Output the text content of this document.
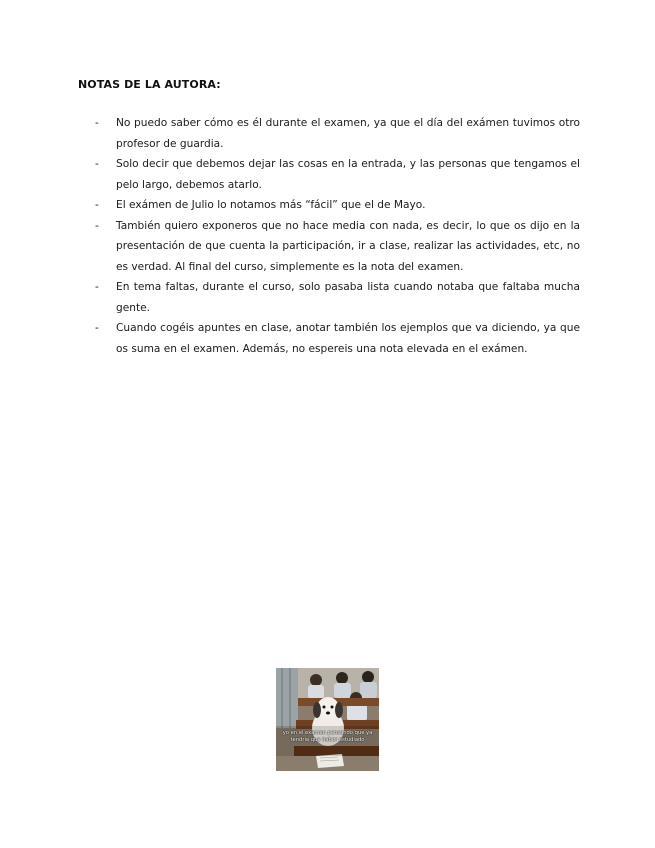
NOTAS DE LA AUTORA:
- No puedo saber cómo es él durante el examen, ya que el día del exámen tuvimos otro profesor de guardia.
- Solo decir que debemos dejar las cosas en la entrada, y las personas que tengamos el pelo largo, debemos atarlo.
- El exámen de Julio lo notamos más “fácil” que el de Mayo.
- También quiero exponeros que no hace media con nada, es decir, lo que os dijo en la presentación de que cuenta la participación, ir a clase, realizar las actividades, etc, no es verdad. Al final del curso, simplemente es la nota del examen.
- En tema faltas, durante el curso, solo pasaba lista cuando notaba que faltaba mucha gente.
- Cuando cogéis apuntes en clase, anotar también los ejemplos que va diciendo, ya que os suma en el examen. Además, no espereis una nota elevada en el exámen.
yo en el examen pensando que ya tendría que haber estudiado
